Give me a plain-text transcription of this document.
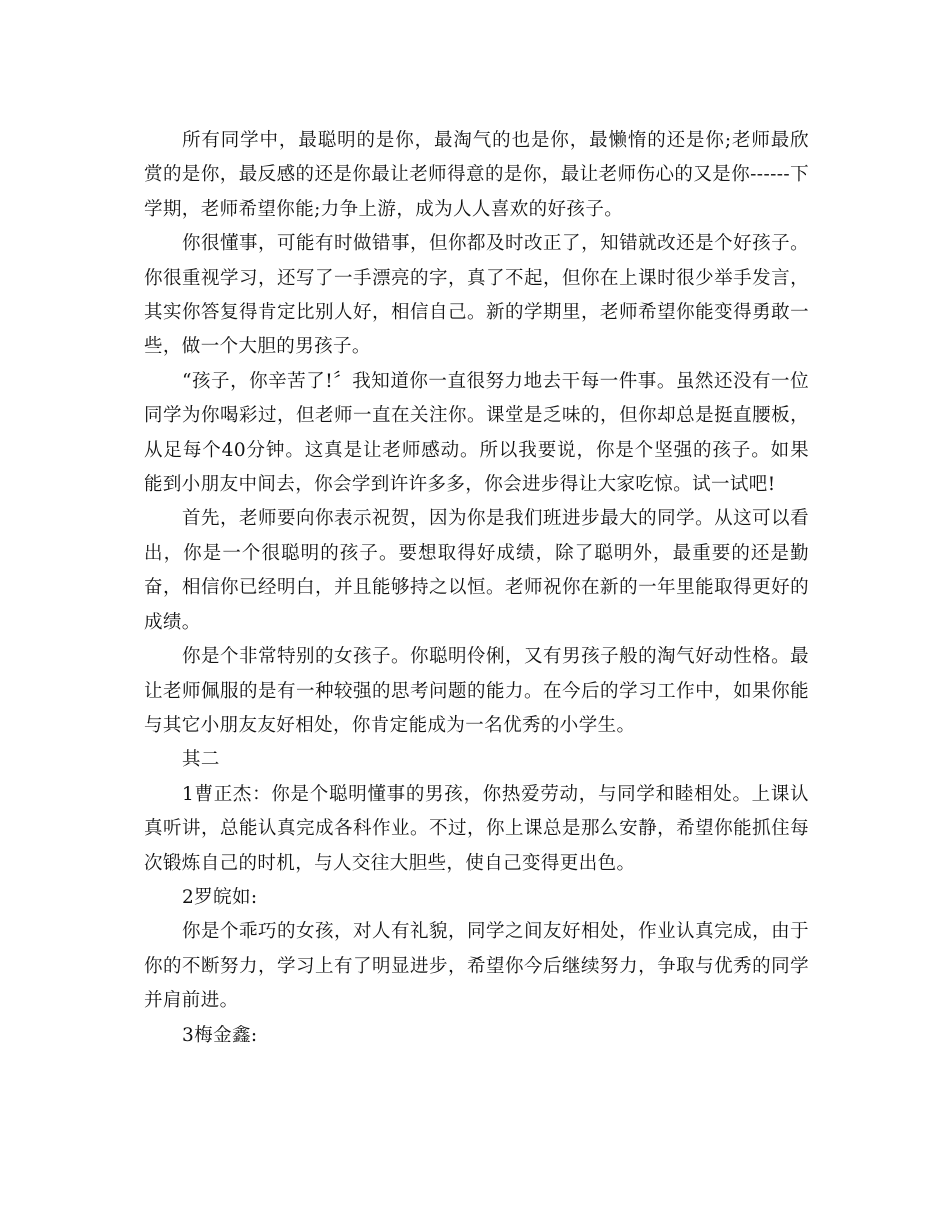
所有同学中，最聪明的是你，最淘气的也是你，最懒惰的还是你;老师最欣赏的是你，最反感的还是你最让老师得意的是你，最让老师伤心的又是你------下学期，老师希望你能;力争上游，成为人人喜欢的好孩子。

你很懂事，可能有时做错事，但你都及时改正了，知错就改还是个好孩子。你很重视学习，还写了一手漂亮的字，真了不起，但你在上课时很少举手发言，其实你答复得肯定比别人好，相信自己。新的学期里，老师希望你能变得勇敢一些，做一个大胆的男孩子。

“孩子，你辛苦了!〞我知道你一直很努力地去干每一件事。虽然还没有一位同学为你喝彩过，但老师一直在关注你。课堂是乏味的，但你却总是挺直腰板，从足每个40分钟。这真是让老师感动。所以我要说，你是个坚强的孩子。如果能到小朋友中间去，你会学到许许多多，你会进步得让大家吃惊。试一试吧!

首先，老师要向你表示祝贺，因为你是我们班进步最大的同学。从这可以看出，你是一个很聪明的孩子。要想取得好成绩，除了聪明外，最重要的还是勤奋，相信你已经明白，并且能够持之以恒。老师祝你在新的一年里能取得更好的成绩。

你是个非常特别的女孩子。你聪明伶俐，又有男孩子般的淘气好动性格。最让老师佩服的是有一种较强的思考问题的能力。在今后的学习工作中，如果你能与其它小朋友友好相处，你肯定能成为一名优秀的小学生。

其二

1曹正杰：你是个聪明懂事的男孩，你热爱劳动，与同学和睦相处。上课认真听讲，总能认真完成各科作业。不过，你上课总是那么安静，希望你能抓住每次锻炼自己的时机，与人交往大胆些，使自己变得更出色。

2罗皖如:

你是个乖巧的女孩，对人有礼貌，同学之间友好相处，作业认真完成，由于你的不断努力，学习上有了明显进步，希望你今后继续努力，争取与优秀的同学并肩前进。

3梅金鑫:
